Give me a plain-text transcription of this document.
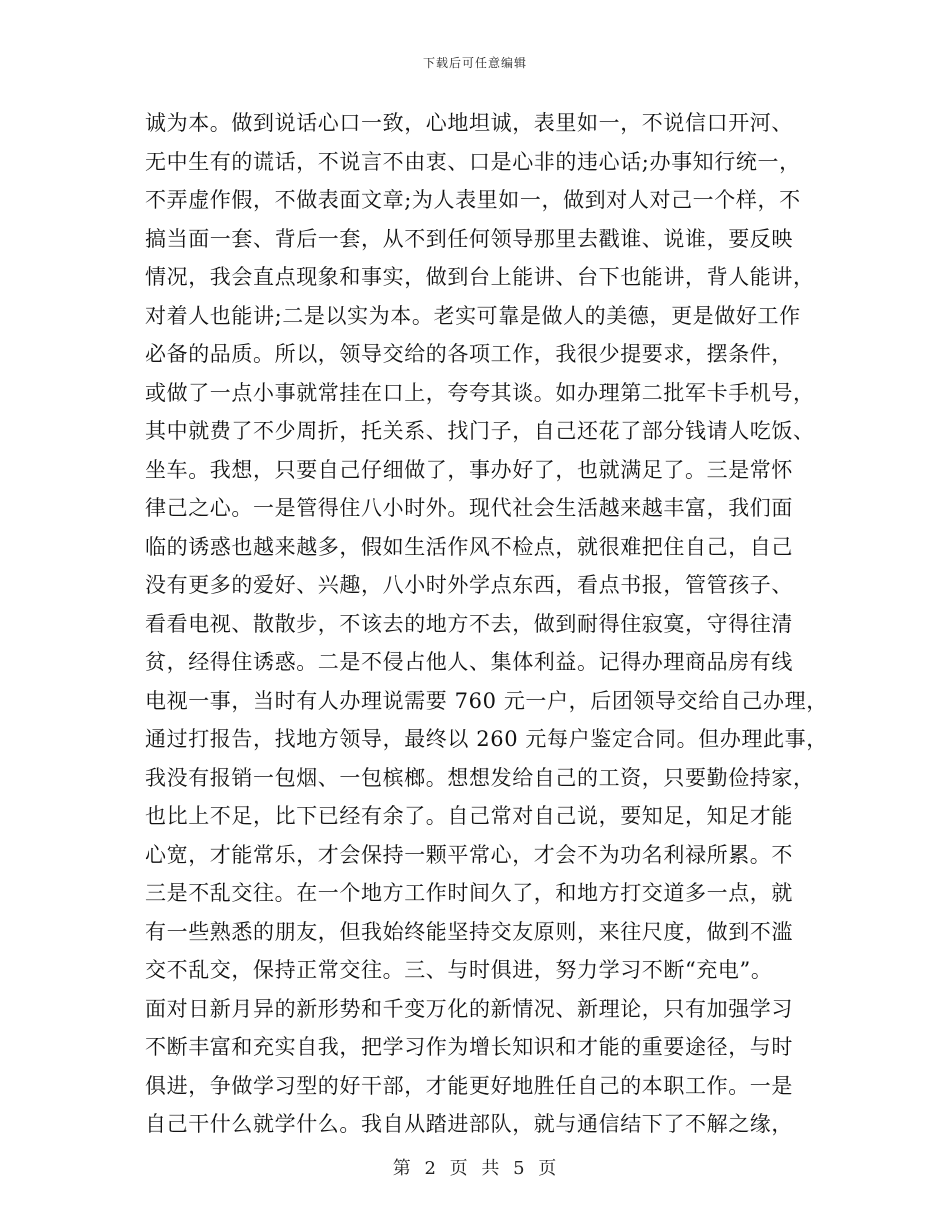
下载后可任意编辑
诚为本。做到说话心口一致，心地坦诚，表里如一，不说信口开河、
无中生有的谎话，不说言不由衷、口是心非的违心话;办事知行统一，
不弄虚作假，不做表面文章;为人表里如一，做到对人对己一个样，不
搞当面一套、背后一套，从不到任何领导那里去戳谁、说谁，要反映
情况，我会直点现象和事实，做到台上能讲、台下也能讲，背人能讲，
对着人也能讲;二是以实为本。老实可靠是做人的美德，更是做好工作
必备的品质。所以，领导交给的各项工作，我很少提要求，摆条件，
或做了一点小事就常挂在口上，夸夸其谈。如办理第二批军卡手机号，
其中就费了不少周折，托关系、找门子，自己还花了部分钱请人吃饭、
坐车。我想，只要自己仔细做了，事办好了，也就满足了。三是常怀
律己之心。一是管得住八小时外。现代社会生活越来越丰富，我们面
临的诱惑也越来越多，假如生活作风不检点，就很难把住自己，自己
没有更多的爱好、兴趣，八小时外学点东西，看点书报，管管孩子、
看看电视、散散步，不该去的地方不去，做到耐得住寂寞，守得往清
贫，经得住诱惑。二是不侵占他人、集体利益。记得办理商品房有线
电视一事，当时有人办理说需要 760 元一户，后团领导交给自己办理，
通过打报告，找地方领导，最终以 260 元每户鉴定合同。但办理此事，
我没有报销一包烟、一包槟榔。想想发给自己的工资，只要勤俭持家，
也比上不足，比下已经有余了。自己常对自己说，要知足，知足才能
心宽，才能常乐，才会保持一颗平常心，才会不为功名利禄所累。不
三是不乱交往。在一个地方工作时间久了，和地方打交道多一点，就
有一些熟悉的朋友，但我始终能坚持交友原则，来往尺度，做到不滥
交不乱交，保持正常交往。三、与时俱进，努力学习不断“充电”。
面对日新月异的新形势和千变万化的新情况、新理论，只有加强学习
不断丰富和充实自我，把学习作为增长知识和才能的重要途径，与时
俱进，争做学习型的好干部，才能更好地胜任自己的本职工作。一是
自己干什么就学什么。我自从踏进部队，就与通信结下了不解之缘，
第 2 页 共 5 页
